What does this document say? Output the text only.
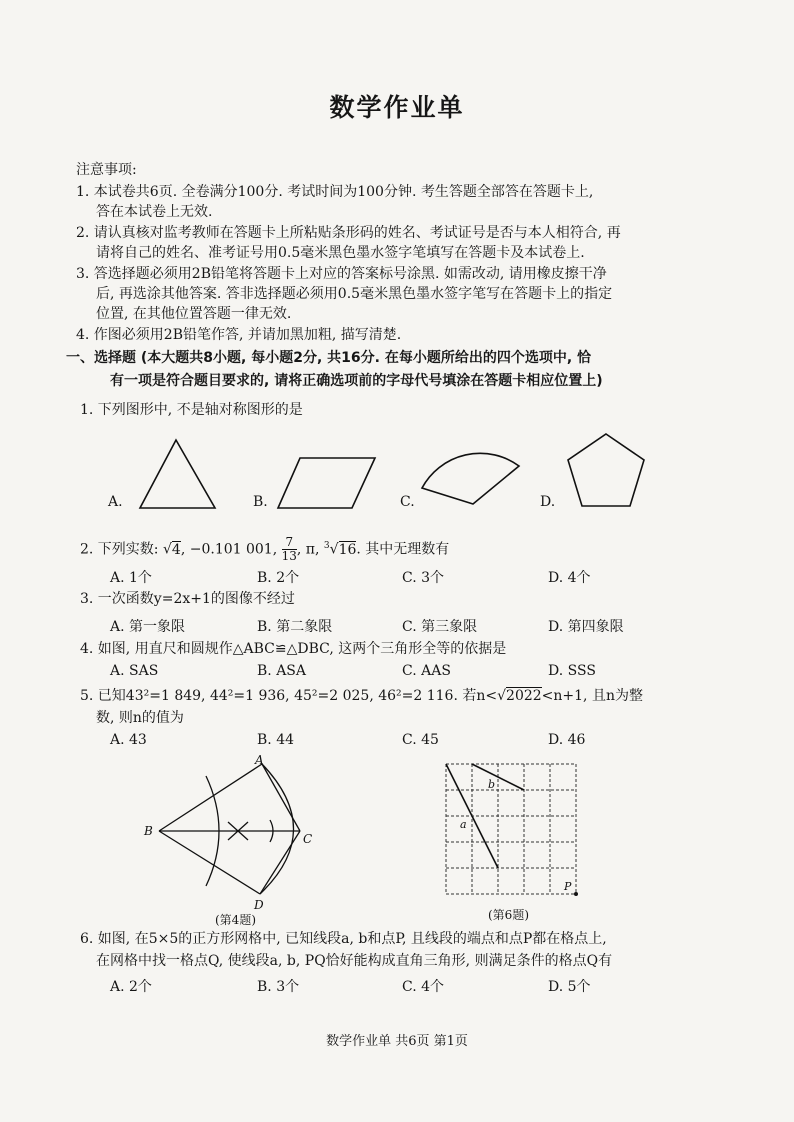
数学作业单
注意事项:
1. 本试卷共6页. 全卷满分100分. 考试时间为100分钟. 考生答题全部答在答题卡上,
答在本试卷上无效.
2. 请认真核对监考教师在答题卡上所粘贴条形码的姓名、考试证号是否与本人相符合, 再
请将自己的姓名、准考证号用0.5毫米黑色墨水签字笔填写在答题卡及本试卷上.
3. 答选择题必须用2B铅笔将答题卡上对应的答案标号涂黑. 如需改动, 请用橡皮擦干净
后, 再选涂其他答案. 答非选择题必须用0.5毫米黑色墨水签字笔写在答题卡上的指定
位置, 在其他位置答题一律无效.
4. 作图必须用2B铅笔作答, 并请加黑加粗, 描写清楚.
一、选择题 (本大题共8小题, 每小题2分, 共16分. 在每小题所给出的四个选项中, 恰
有一项是符合题目要求的, 请将正确选项前的字母代号填涂在答题卡相应位置上)
1. 下列图形中, 不是轴对称图形的是
A.	B.	C.	D.
2. 下列实数: √4, −0.101 001, $\frac{7}{13}$ , π, $^3$√16. 其中无理数有
A. 1个	B. 2个	C. 3个	D. 4个
3. 一次函数y=2x+1的图像不经过
A. 第一象限	B. 第二象限	C. 第三象限	D. 第四象限
4. 如图, 用直尺和圆规作△ABC≌△DBC, 这两个三角形全等的依据是
A. SAS	B. ASA	C. AAS	D. SSS
5. 已知43²=1 849, 44²=1 936, 45²=2 025, 46²=2 116. 若n<√2022<n+1, 且n为整
数, 则n的值为
A. 43	B. 44	C. 45	D. 46
A
B
C
D
(第4题)
a
b
P
(第6题)
6. 如图, 在5×5的正方形网格中, 已知线段a, b和点P, 且线段的端点和点P都在格点上,
在网格中找一格点Q, 使线段a, b, PQ恰好能构成直角三角形, 则满足条件的格点Q有
A. 2个	B. 3个	C. 4个	D. 5个
数学作业单 共6页 第1页
